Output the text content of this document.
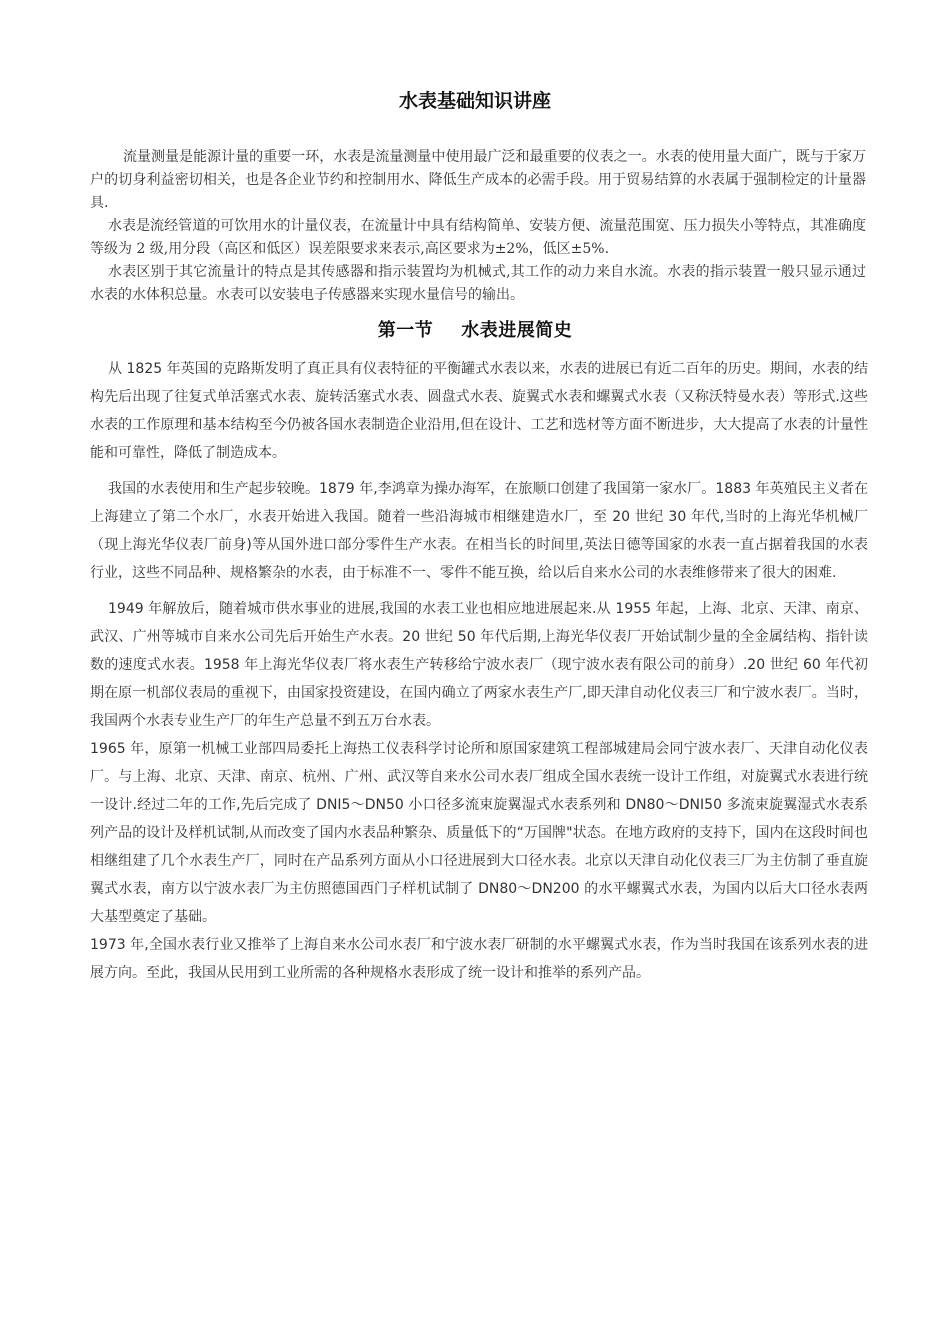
水表基础知识讲座

流量测量是能源计量的重要一环，水表是流量测量中使用最广泛和最重要的仪表之一。水表的使用量大面广，既与于家万户的切身利益密切相关，也是各企业节约和控制用水、降低生产成本的必需手段。用于贸易结算的水表属于强制检定的计量器具.

水表是流经管道的可饮用水的计量仪表，在流量计中具有结构简单、安装方便、流量范围宽、压力损失小等特点，其准确度等级为 2 级,用分段（高区和低区）误差限要求来表示,高区要求为±2%，低区±5%.

水表区别于其它流量计的特点是其传感器和指示装置均为机械式,其工作的动力来自水流。水表的指示装置一般只显示通过水表的水体积总量。水表可以安装电子传感器来实现水量信号的输出。

第一节 水表进展简史

从 1825 年英国的克路斯发明了真正具有仪表特征的平衡罐式水表以来，水表的进展已有近二百年的历史。期间，水表的结构先后出现了往复式单活塞式水表、旋转活塞式水表、圆盘式水表、旋翼式水表和螺翼式水表（又称沃特曼水表）等形式.这些水表的工作原理和基本结构至今仍被各国水表制造企业沿用,但在设计、工艺和选材等方面不断进步，大大提高了水表的计量性能和可靠性，降低了制造成本。

我国的水表使用和生产起步较晚。1879 年,李鸿章为操办海军，在旅顺口创建了我国第一家水厂。1883 年英殖民主义者在上海建立了第二个水厂，水表开始进入我国。随着一些沿海城市相继建造水厂，至 20 世纪 30 年代,当时的上海光华机械厂（现上海光华仪表厂前身)等从国外进口部分零件生产水表。在相当长的时间里,英法日德等国家的水表一直占据着我国的水表行业，这些不同品种、规格繁杂的水表，由于标准不一、零件不能互换，给以后自来水公司的水表维修带来了很大的困难.

1949 年解放后，随着城市供水事业的进展,我国的水表工业也相应地进展起来.从 1955 年起，上海、北京、天津、南京、武汉、广州等城市自来水公司先后开始生产水表。20 世纪 50 年代后期,上海光华仪表厂开始试制少量的全金属结构、指针读数的速度式水表。1958 年上海光华仪表厂将水表生产转移给宁波水表厂（现宁波水表有限公司的前身）.20 世纪 60 年代初期在原一机部仪表局的重视下，由国家投资建设，在国内确立了两家水表生产厂,即天津自动化仪表三厂和宁波水表厂。当时，我国两个水表专业生产厂的年生产总量不到五万台水表。

1965 年，原第一机械工业部四局委托上海热工仪表科学讨论所和原国家建筑工程部城建局会同宁波水表厂、天津自动化仪表厂。与上海、北京、天津、南京、杭州、广州、武汉等自来水公司水表厂组成全国水表统一设计工作组，对旋翼式水表进行统一设计.经过二年的工作,先后完成了 DNI5～DN50 小口径多流束旋翼湿式水表系列和 DN80～DNI50 多流束旋翼湿式水表系列产品的设计及样机试制,从而改变了国内水表品种繁杂、质量低下的“万国牌"状态。在地方政府的支持下，国内在这段时间也相继组建了几个水表生产厂，同时在产品系列方面从小口径进展到大口径水表。北京以天津自动化仪表三厂为主仿制了垂直旋翼式水表，南方以宁波水表厂为主仿照德国西门子样机试制了 DN80～DN200 的水平螺翼式水表，为国内以后大口径水表两大基型奠定了基础。

1973 年,全国水表行业又推举了上海自来水公司水表厂和宁波水表厂研制的水平螺翼式水表，作为当时我国在该系列水表的进展方向。至此，我国从民用到工业所需的各种规格水表形成了统一设计和推举的系列产品。
